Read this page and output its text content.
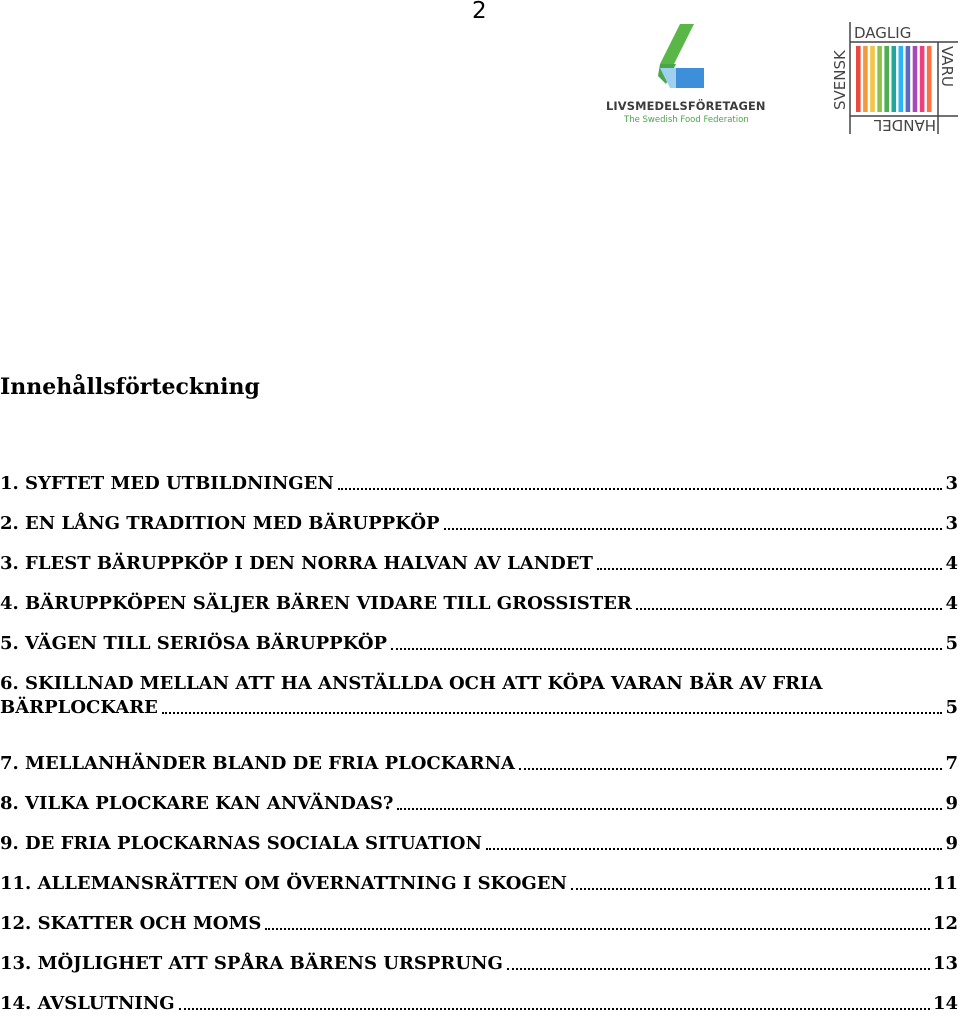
2
LIVSMEDELSFÖRETAGEN
The Swedish Food Federation
SVENSK
DAGLIG
VARU
HANDEL
Innehållsförteckning
1. SYFTET MED UTBILDNINGEN	3
2. EN LÅNG TRADITION MED BÄRUPPKÖP	3
3. FLEST BÄRUPPKÖP I DEN NORRA HALVAN AV LANDET	4
4. BÄRUPPKÖPEN SÄLJER BÄREN VIDARE TILL GROSSISTER	4
5. VÄGEN TILL SERIÖSA BÄRUPPKÖP	5
6. SKILLNAD MELLAN ATT HA ANSTÄLLDA OCH ATT KÖPA VARAN BÄR AV FRIA
BÄRPLOCKARE	5
7. MELLANHÄNDER BLAND DE FRIA PLOCKARNA	7
8. VILKA PLOCKARE KAN ANVÄNDAS?	9
9. DE FRIA PLOCKARNAS SOCIALA SITUATION	9
11. ALLEMANSRÄTTEN OM ÖVERNATTNING I SKOGEN	11
12. SKATTER OCH MOMS	12
13. MÖJLIGHET ATT SPÅRA BÄRENS URSPRUNG	13
14. AVSLUTNING	14
